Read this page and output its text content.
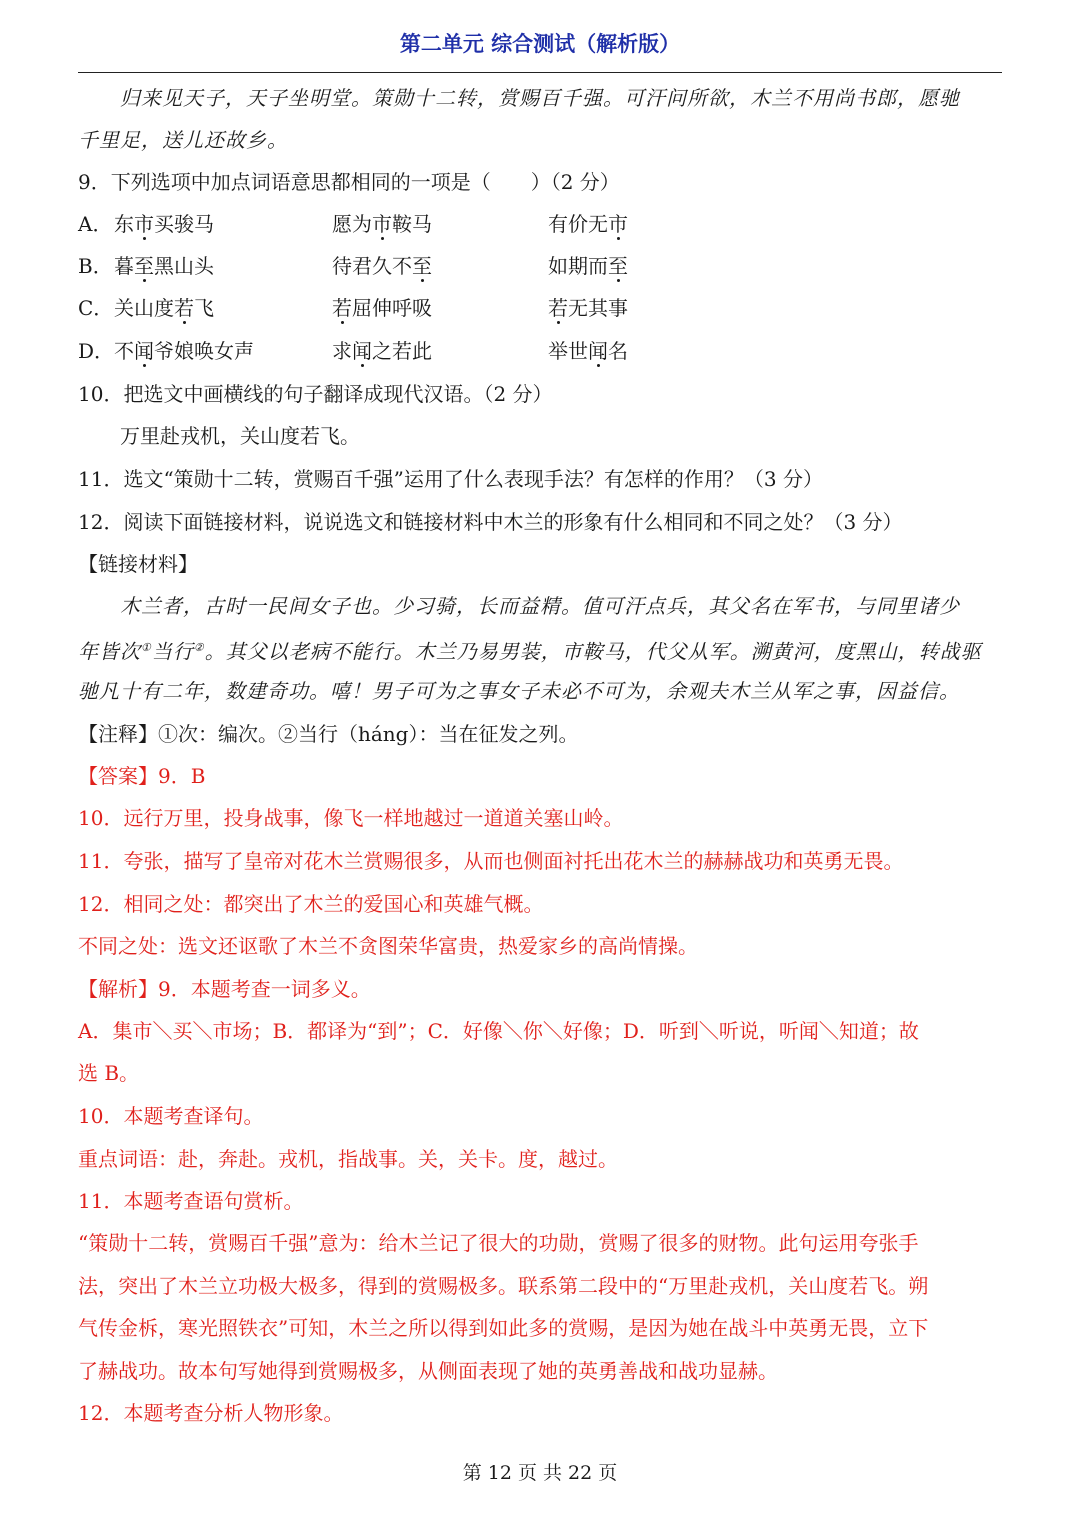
第二单元 综合测试（解析版）
归来见天子，天子坐明堂。策勋十二转，赏赐百千强。可汗问所欲，木兰不用尚书郎，愿驰
千里足，送儿还故乡。
9．下列选项中加点词语意思都相同的一项是（　　）（2 分）
A． 东市买骏马	愿为市鞍马	有价无市
B． 暮至黑山头	待君久不至	如期而至
C． 关山度若飞	若屈伸呼吸	若无其事
D． 不闻爷娘唤女声	求闻之若此	举世闻名
10．把选文中画横线的句子翻译成现代汉语。（2 分）
万里赴戎机，关山度若飞。
11．选文“策勋十二转，赏赐百千强”运用了什么表现手法？有怎样的作用？（3 分）
12．阅读下面链接材料，说说选文和链接材料中木兰的形象有什么相同和不同之处？（3 分）
【链接材料】
木兰者，古时一民间女子也。少习骑，长而益精。值可汗点兵，其父名在军书，与同里诸少
年皆次①当行②。其父以老病不能行。木兰乃易男装，市鞍马，代父从军。溯黄河，度黑山，转战驱
驰凡十有二年，数建奇功。嘻！男子可为之事女子未必不可为，余观夫木兰从军之事，因益信。
【注释】①次：编次。②当行（háng）：当在征发之列。
【答案】9．B
10．远行万里，投身战事，像飞一样地越过一道道关塞山岭。
11．夸张，描写了皇帝对花木兰赏赐很多，从而也侧面衬托出花木兰的赫赫战功和英勇无畏。
12．相同之处：都突出了木兰的爱国心和英雄气概。
不同之处：选文还讴歌了木兰不贪图荣华富贵，热爱家乡的高尚情操。
【解析】9．本题考查一词多义。
A．集市＼买＼市场；B．都译为“到”；C．好像＼你＼好像；D．听到＼听说，听闻＼知道；故
选 B。
10．本题考查译句。
重点词语：赴，奔赴。戎机，指战事。关，关卡。度，越过。
11．本题考查语句赏析。
“策勋十二转，赏赐百千强”意为：给木兰记了很大的功勋，赏赐了很多的财物。此句运用夸张手
法，突出了木兰立功极大极多，得到的赏赐极多。联系第二段中的“万里赴戎机，关山度若飞。朔
气传金柝，寒光照铁衣”可知，木兰之所以得到如此多的赏赐，是因为她在战斗中英勇无畏，立下
了赫战功。故本句写她得到赏赐极多，从侧面表现了她的英勇善战和战功显赫。
12．本题考查分析人物形象。
第 12 页 共 22 页
